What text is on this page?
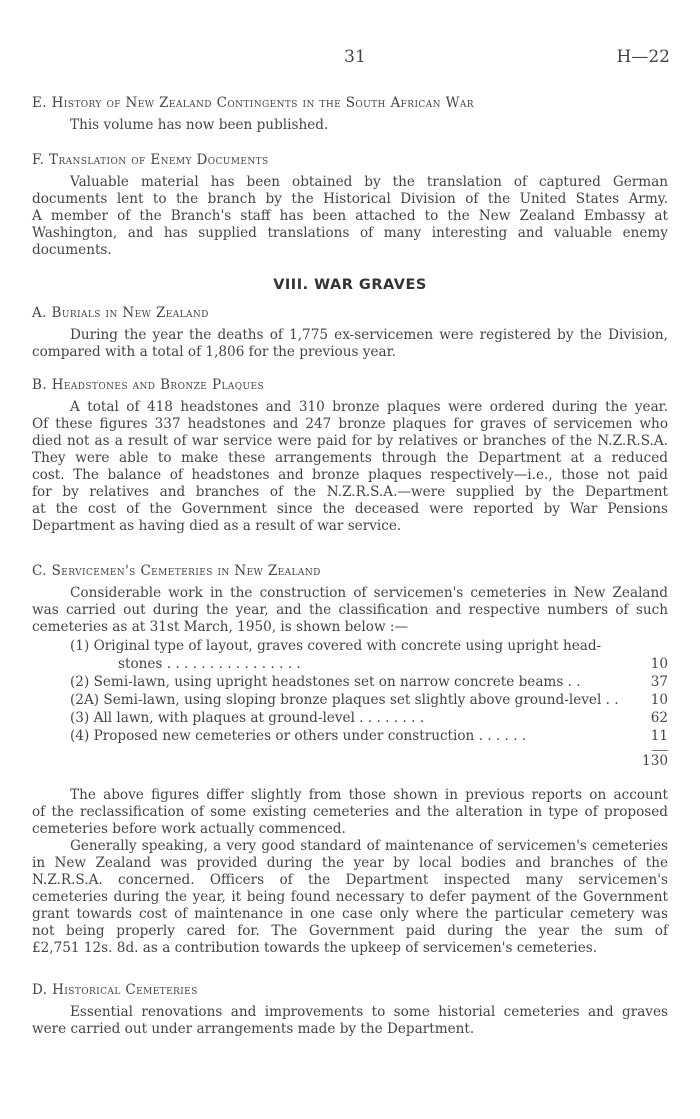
31	H—22
E. History of New Zealand Contingents in the South African War
This volume has now been published.
F. Translation of Enemy Documents
Valuable material has been obtained by the translation of captured German
documents lent to the branch by the Historical Division of the United States Army.
A member of the Branch's staff has been attached to the New Zealand Embassy at
Washington, and has supplied translations of many interesting and valuable enemy
documents.
VIII. WAR GRAVES
A. Burials in New Zealand
During the year the deaths of 1,775 ex-servicemen were registered by the Division,
compared with a total of 1,806 for the previous year.
B. Headstones and Bronze Plaques
A total of 418 headstones and 310 bronze plaques were ordered during the year.
Of these figures 337 headstones and 247 bronze plaques for graves of servicemen who
died not as a result of war service were paid for by relatives or branches of the N.Z.R.S.A.
They were able to make these arrangements through the Department at a reduced
cost. The balance of headstones and bronze plaques respectively—i.e., those not paid
for by relatives and branches of the N.Z.R.S.A.—were supplied by the Department
at the cost of the Government since the deceased were reported by War Pensions
Department as having died as a result of war service.
C. Servicemen's Cemeteries in New Zealand
Considerable work in the construction of servicemen's cemeteries in New Zealand
was carried out during the year, and the classification and respective numbers of such
cemeteries as at 31st March, 1950, is shown below :—
(1) Original type of layout, graves covered with concrete using upright head-
stones . . . . . . . . . . . . . . . .	10
(2) Semi-lawn, using upright headstones set on narrow concrete beams . .	37
(2A) Semi-lawn, using sloping bronze plaques set slightly above ground-level . .	10
(3) All lawn, with plaques at ground-level . . . . . . . .	62
(4) Proposed new cemeteries or others under construction . . . . . .	11
130
The above figures differ slightly from those shown in previous reports on account
of the reclassification of some existing cemeteries and the alteration in type of proposed
cemeteries before work actually commenced.
Generally speaking, a very good standard of maintenance of servicemen's cemeteries
in New Zealand was provided during the year by local bodies and branches of the
N.Z.R.S.A. concerned. Officers of the Department inspected many servicemen's
cemeteries during the year, it being found necessary to defer payment of the Government
grant towards cost of maintenance in one case only where the particular cemetery was
not being properly cared for. The Government paid during the year the sum of
£2,751 12s. 8d. as a contribution towards the upkeep of servicemen's cemeteries.
D. Historical Cemeteries
Essential renovations and improvements to some historial cemeteries and graves
were carried out under arrangements made by the Department.
